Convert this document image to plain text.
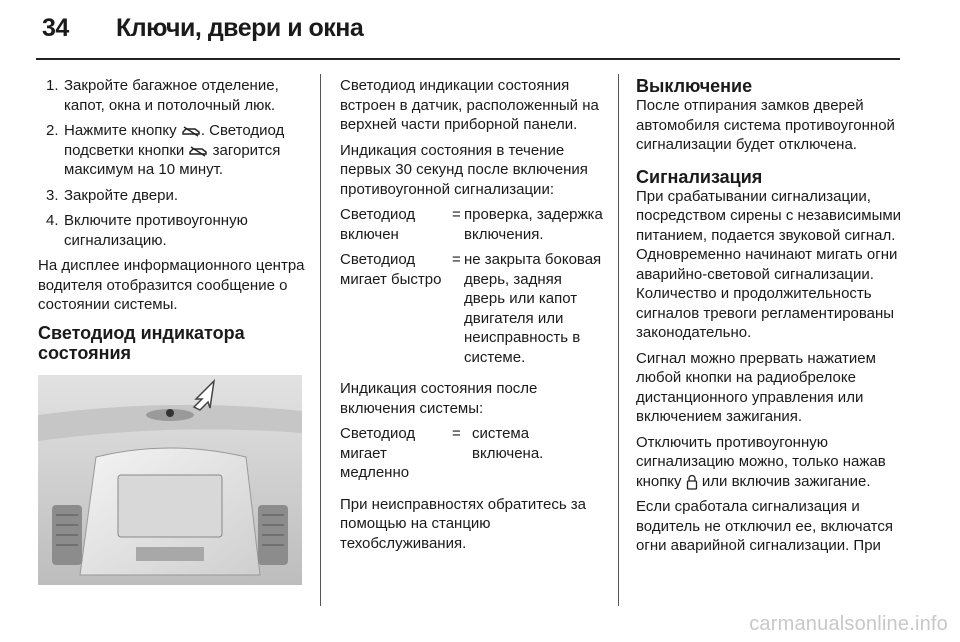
34 Ключи, двери и окна
1. Закройте багажное отделение, капот, окна и потолочный люк.
2. Нажмите кнопку . Светодиод подсветки кнопки загорится максимум на 10 минут.
3. Закройте двери.
4. Включите противоугонную сигнализацию.

На дисплее информационного центра водителя отобразится сообщение о состоянии системы.

Светодиод индикатора состояния

Светодиод индикации состояния встроен в датчик, расположенный на верхней части приборной панели.

Индикация состояния в течение первых 30 секунд после включения противоугонной сигнализации:

Светодиод включен
= проверка, задержка включения.
Светодиод мигает быстро
= не закрыта боковая дверь, задняя дверь или капот двигателя или неисправность в системе.

Индикация состояния после включения системы:

Светодиод мигает медленно
= система включена.

При неисправностях обратитесь за помощью на станцию техобслуживания.

Выключение

После отпирания замков дверей автомобиля система противоугонной сигнализации будет отключена.

Сигнализация

При срабатывании сигнализации, посредством сирены с независимыми питанием, подается звуковой сигнал. Одновременно начинают мигать огни аварийно-световой сигнализации. Количество и продолжительность сигналов тревоги регламентированы законодательно.

Сигнал можно прервать нажатием любой кнопки на радиобрелоке дистанционного управления или включением зажигания.

Отключить противоугонную сигнализацию можно, только нажав кнопку или включив зажигание.

Если сработала сигнализация и водитель не отключил ее, включатся огни аварийной сигнализации. При

carmanualsonline.info
